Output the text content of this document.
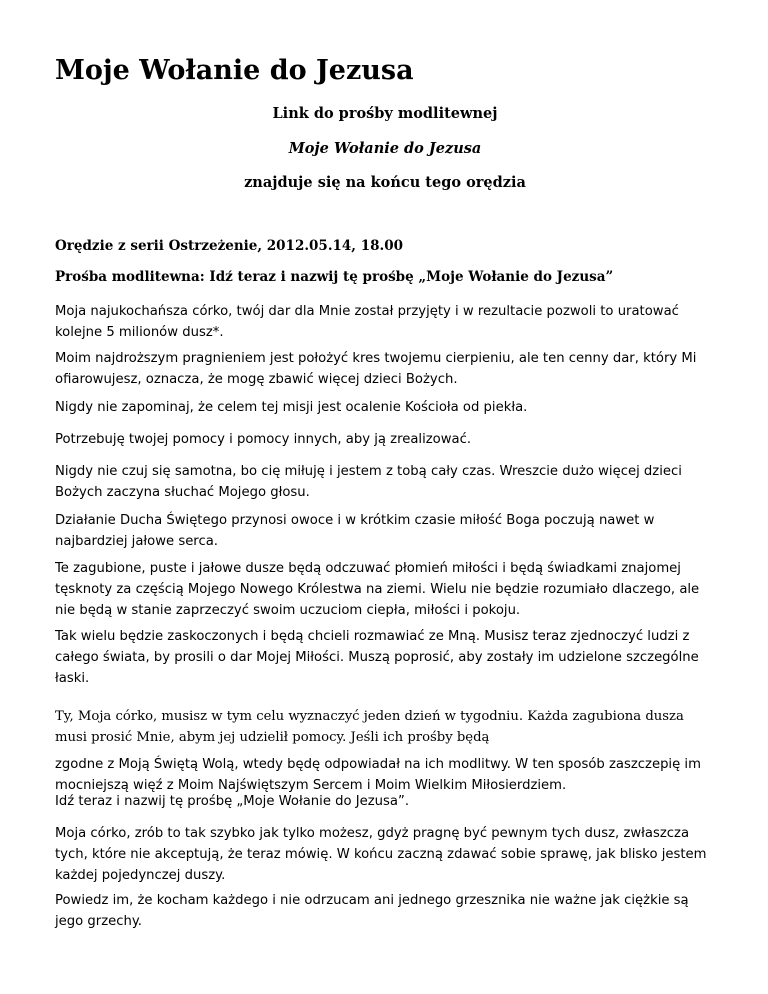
Moje Wołanie do Jezusa
Link do prośby modlitewnej
Moje Wołanie do Jezusa
znajduje się na końcu tego orędzia
Orędzie z serii Ostrzeżenie, 2012.05.14, 18.00
Prośba modlitewna: Idź teraz i nazwij tę prośbę „Moje Wołanie do Jezusa”
Moja najukochańsza córko, twój dar dla Mnie został przyjęty i w rezultacie pozwoli to uratować kolejne 5 milionów dusz*.
Moim najdroższym pragnieniem jest położyć kres twojemu cierpieniu, ale ten cenny dar, który Mi ofiarowujesz, oznacza, że mogę zbawić więcej dzieci Bożych.
Nigdy nie zapominaj, że celem tej misji jest ocalenie Kościoła od piekła.
Potrzebuję twojej pomocy i pomocy innych, aby ją zrealizować.
Nigdy nie czuj się samotna, bo cię miłuję i jestem z tobą cały czas. Wreszcie dużo więcej dzieci Bożych zaczyna słuchać Mojego głosu.
Działanie Ducha Świętego przynosi owoce i w krótkim czasie miłość Boga poczują nawet w najbardziej jałowe serca.
Te zagubione, puste i jałowe dusze będą odczuwać płomień miłości i będą świadkami znajomej tęsknoty za częścią Mojego Nowego Królestwa na ziemi. Wielu nie będzie rozumiało dlaczego, ale nie będą w stanie zaprzeczyć swoim uczuciom ciepła, miłości i pokoju.
Tak wielu będzie zaskoczonych i będą chcieli rozmawiać ze Mną. Musisz teraz zjednoczyć ludzi z całego świata, by prosili o dar Mojej Miłości. Muszą poprosić, aby zostały im udzielone szczególne łaski.
Ty, Moja córko, musisz w tym celu wyznaczyć jeden dzień w tygodniu. Każda zagubiona dusza musi prosić Mnie, abym jej udzielił pomocy. Jeśli ich prośby będą
zgodne z Moją Świętą Wolą, wtedy będę odpowiadał na ich modlitwy. W ten sposób zaszczepię im mocniejszą więź z Moim Najświętszym Sercem i Moim Wielkim Miłosierdziem.
Idź teraz i nazwij tę prośbę „Moje Wołanie do Jezusa”.
Moja córko, zrób to tak szybko jak tylko możesz, gdyż pragnę być pewnym tych dusz, zwłaszcza tych, które nie akceptują, że teraz mówię. W końcu zaczną zdawać sobie sprawę, jak blisko jestem każdej pojedynczej duszy.
Powiedz im, że kocham każdego i nie odrzucam ani jednego grzesznika nie ważne jak ciężkie są jego grzechy.
